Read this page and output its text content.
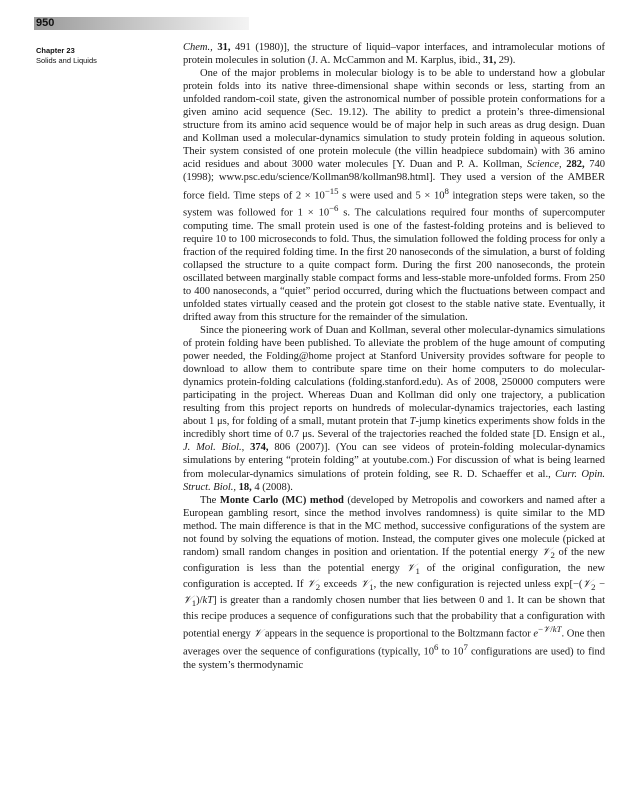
950
Chapter 23
Solids and Liquids

Chem., 31, 491 (1980)], the structure of liquid–vapor interfaces, and intramolecular motions of protein molecules in solution (J. A. McCammon and M. Karplus, ibid., 31, 29).

One of the major problems in molecular biology is to be able to understand how a globular protein folds into its native three-dimensional shape within seconds or less, starting from an unfolded random-coil state, given the astronomical number of possible protein conformations for a given amino acid sequence (Sec. 19.12). The ability to predict a protein’s three-dimensional structure from its amino acid sequence would be of major help in such areas as drug design. Duan and Kollman used a molecular-dynamics simulation to study protein folding in aqueous solution. Their system consisted of one protein molecule (the villin headpiece subdomain) with 36 amino acid residues and about 3000 water molecules [Y. Duan and P. A. Kollman, Science, 282, 740 (1998); www.psc.edu/science/Kollman98/kollman98.html]. They used a version of the AMBER force field. Time steps of $2 \times 10^{-15}$ s were used and $5 \times 10^8$ integration steps were taken, so the system was followed for $1 \times 10^{-6}$ s. The calculations required four months of supercomputer computing time. The small protein used is one of the fastest-folding proteins and is believed to require 10 to 100 microseconds to fold. Thus, the simulation followed the folding process for only a fraction of the required folding time. In the first 20 nanoseconds of the simulation, a burst of folding collapsed the structure to a quite compact form. During the first 200 nanoseconds, the protein oscillated between marginally stable compact forms and less-stable more-unfolded forms. From 250 to 400 nanoseconds, a “quiet” period occurred, during which the fluctuations between compact and unfolded states virtually ceased and the protein got closest to the stable native state. Eventually, it drifted away from this structure for the remainder of the simulation.

Since the pioneering work of Duan and Kollman, several other molecular-dynamics simulations of protein folding have been published. To alleviate the problem of the huge amount of computing power needed, the Folding@home project at Stanford University provides software for people to download to allow them to contribute spare time on their home computers to do molecular-dynamics protein-folding calculations (folding.stanford.edu). As of 2008, 250000 computers were participating in the project. Whereas Duan and Kollman did only one trajectory, a publication resulting from this project reports on hundreds of molecular-dynamics trajectories, each lasting about 1 μs, for folding of a small, mutant protein that T-jump kinetics experiments show folds in the incredibly short time of 0.7 μs. Several of the trajectories reached the folded state [D. Ensign et al., J. Mol. Biol., 374, 806 (2007)]. (You can see videos of protein-folding molecular-dynamics simulations by entering “protein folding” at youtube.com.) For discussion of what is being learned from molecular-dynamics simulations of protein folding, see R. D. Schaeffer et al., Curr. Opin. Struct. Biol., 18, 4 (2008).

The Monte Carlo (MC) method (developed by Metropolis and coworkers and named after a European gambling resort, since the method involves randomness) is quite similar to the MD method. The main difference is that in the MC method, successive configurations of the system are not found by solving the equations of motion. Instead, the computer gives one molecule (picked at random) small random changes in position and orientation. If the potential energy 𝒱$_2$ of the new configuration is less than the potential energy 𝒱$_1$ of the original configuration, the new configuration is accepted. If 𝒱$_2$ exceeds 𝒱$_1$, the new configuration is rejected unless exp[−(𝒱$_2$ − 𝒱$_1$)/kT] is greater than a randomly chosen number that lies between 0 and 1. It can be shown that this recipe produces a sequence of configurations such that the probability that a configuration with potential energy 𝒱 appears in the sequence is proportional to the Boltzmann factor $e^{-𝒱/kT}$. One then averages over the sequence of configurations (typically, $10^6$ to $10^7$ configurations are used) to find the system’s thermodynamic
